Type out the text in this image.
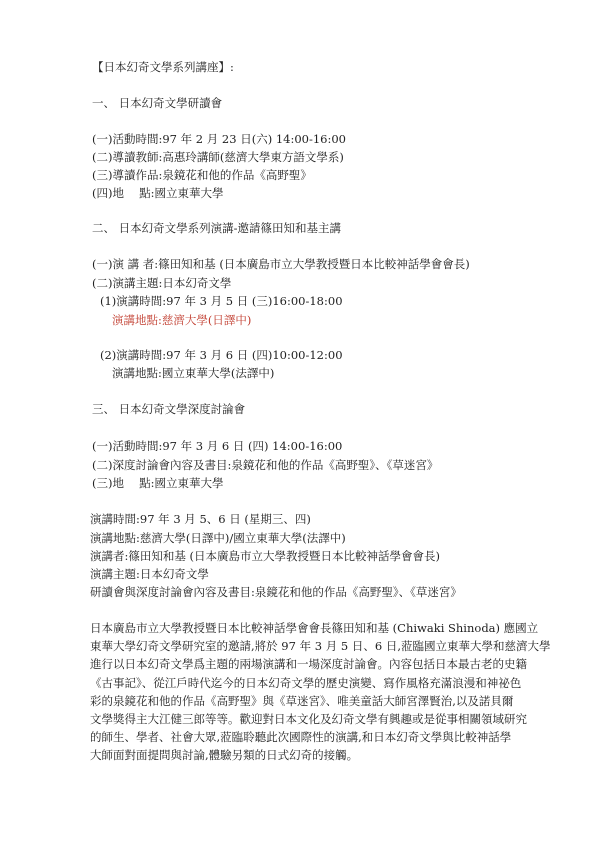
【日本幻奇文學系列講座】:
一、 日本幻奇文學研讀會
(一)活動時間:97 年 2 月 23 日(六) 14:00-16:00
(二)導讀教師:高惠玲講師(慈濟大學東方語文學系)
(三)導讀作品:泉鏡花和他的作品《高野聖》
(四)地　 點:國立東華大學
二、 日本幻奇文學系列演講-邀請篠田知和基主講
(一)演 講 者:篠田知和基 (日本廣島市立大學教授暨日本比較神話學會會長)
(二)演講主題:日本幻奇文學
(1)演講時間:97 年 3 月 5 日 (三)16:00-18:00
演講地點:慈濟大學(日譯中)
(2)演講時間:97 年 3 月 6 日 (四)10:00-12:00
演講地點:國立東華大學(法譯中)
三、 日本幻奇文學深度討論會
(一)活動時間:97 年 3 月 6 日 (四) 14:00-16:00
(二)深度討論會內容及書目:泉鏡花和他的作品《高野聖》、《草迷宮》
(三)地　 點:國立東華大學
演講時間:97 年 3 月 5、6 日 (星期三、四)
演講地點:慈濟大學(日譯中)/國立東華大學(法譯中)
演講者:篠田知和基 (日本廣島市立大學教授暨日本比較神話學會會長)
演講主題:日本幻奇文學
研讀會與深度討論會內容及書目:泉鏡花和他的作品《高野聖》、《草迷宮》
日本廣島市立大學教授暨日本比較神話學會會長篠田知和基 (Chiwaki Shinoda) 應國立
東華大學幻奇文學研究室的邀請,將於 97 年 3 月 5 日、6 日,蒞臨國立東華大學和慈濟大學
進行以日本幻奇文學爲主題的兩場演講和一場深度討論會。內容包括日本最古老的史籍
《古事記》、從江戶時代迄今的日本幻奇文學的歷史演變、寫作風格充滿浪漫和神祕色
彩的泉鏡花和他的作品《高野聖》與《草迷宮》、唯美童話大師宮澤賢治,以及諾貝爾
文學獎得主大江健三郎等等。歡迎對日本文化及幻奇文學有興趣或是從事相關領域研究
的師生、學者、社會大眾,蒞臨聆聽此次國際性的演講,和日本幻奇文學與比較神話學
大師面對面提問與討論,體驗另類的日式幻奇的接觸。
